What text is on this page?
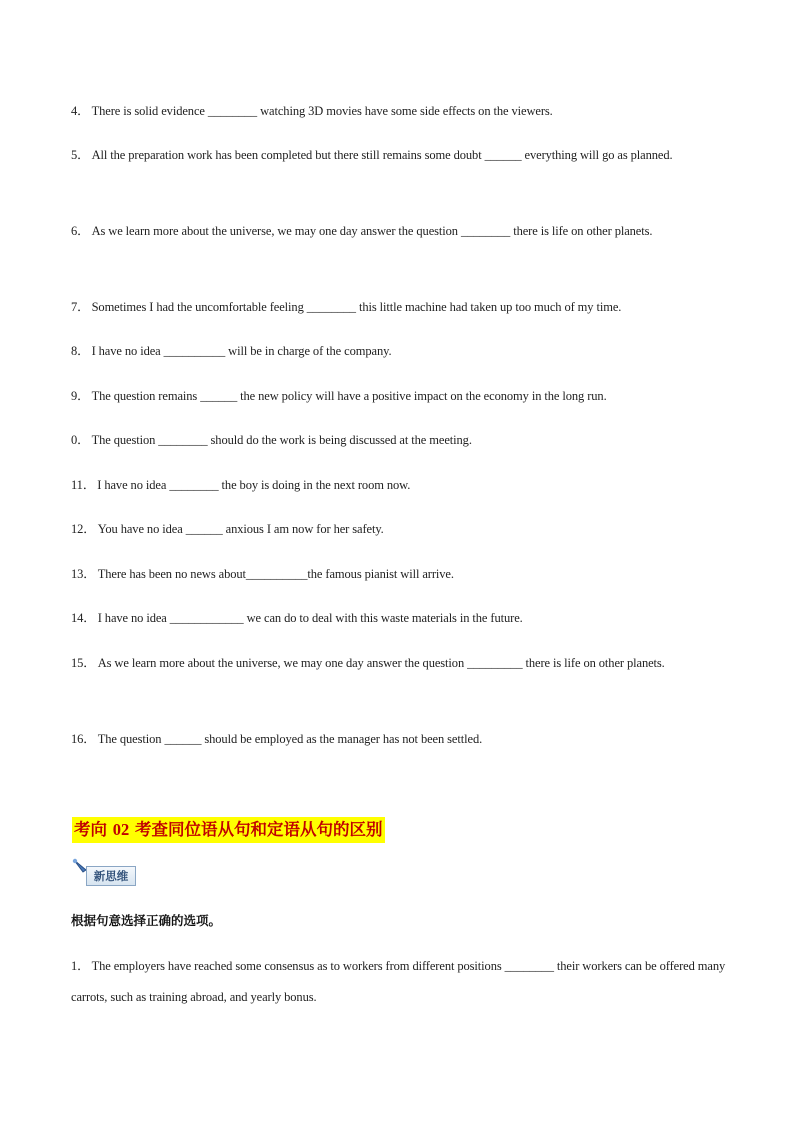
4． There is solid evidence ________ watching 3D movies have some side effects on the viewers.
5． All the preparation work has been completed but there still remains some doubt ______ everything will go as planned.
6． As we learn more about the universe, we may one day answer the question ________ there is life on other planets.
7． Sometimes I had the uncomfortable feeling ________ this little machine had taken up too much of my time.
8． I have no idea __________ will be in charge of the company.
9． The question remains ______ the new policy will have a positive impact on the economy in the long run.
0． The question ________ should do the work is being discussed at the meeting.
11． I have no idea ________ the boy is doing in the next room now.
12． You have no idea ______ anxious I am now for her safety.
13． There has been no news about__________the famous pianist will arrive.
14． I have no idea ____________ we can do to deal with this waste materials in the future.
15． As we learn more about the universe, we may one day answer the question _________ there is life on other planets.
16． The question ______ should be employed as the manager has not been settled.
考向 02 考查同位语从句和定语从句的区别
新思维
根据句意选择正确的选项。
1． The employers have reached some consensus as to workers from different positions ________ their workers can be offered many carrots, such as training abroad, and yearly bonus.
